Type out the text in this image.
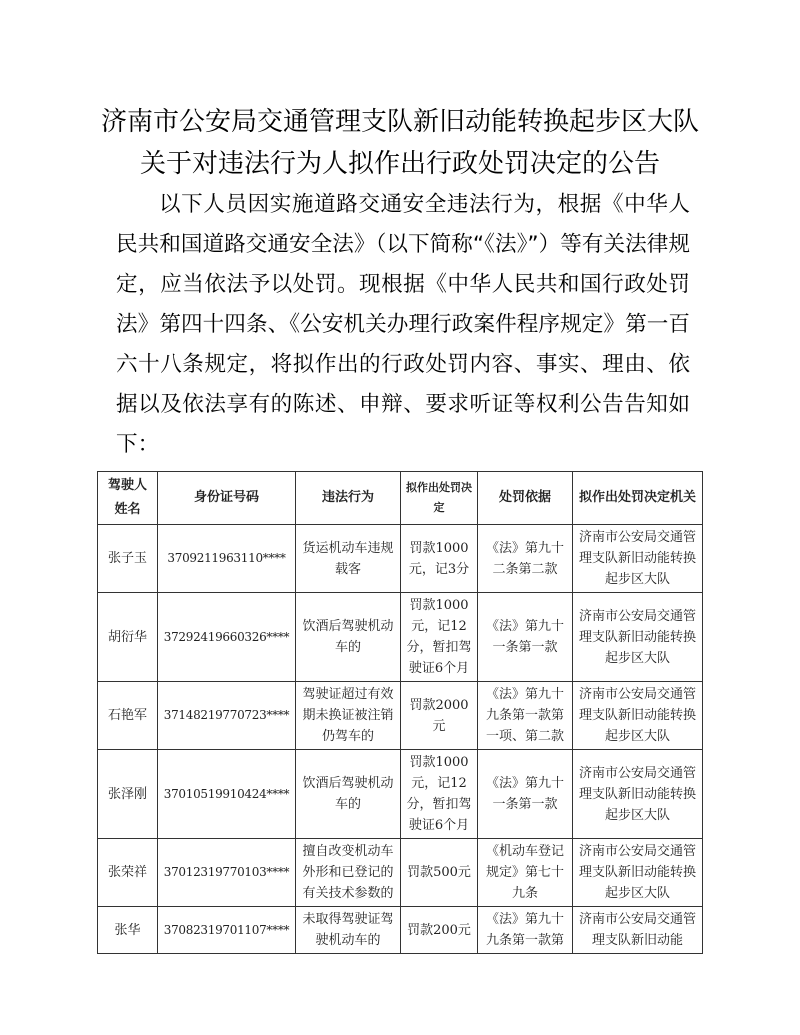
济南市公安局交通管理支队新旧动能转换起步区大队
关于对违法行为人拟作出行政处罚决定的公告
以下人员因实施道路交通安全违法行为，根据《中华人民共和国道路交通安全法》（以下简称“《法》”）等有关法律规定，应当依法予以处罚。现根据《中华人民共和国行政处罚法》第四十四条、《公安机关办理行政案件程序规定》第一百六十八条规定，将拟作出的行政处罚内容、事实、理由、依据以及依法享有的陈述、申辩、要求听证等权利公告告知如下：
驾驶人姓名	身份证号码	违法行为	拟作出处罚决定	处罚依据	拟作出处罚决定机关
张子玉	3709211963110****	货运机动车违规载客	罚款1000元，记3分	《法》第九十二条第二款	济南市公安局交通管理支队新旧动能转换起步区大队
胡衍华	37292419660326****	饮酒后驾驶机动车的	罚款1000元，记12分，暂扣驾驶证6个月	《法》第九十一条第一款	济南市公安局交通管理支队新旧动能转换起步区大队
石艳军	37148219770723****	驾驶证超过有效期未换证被注销仍驾车的	罚款2000元	《法》第九十九条第一款第一项、第二款	济南市公安局交通管理支队新旧动能转换起步区大队
张泽刚	37010519910424****	饮酒后驾驶机动车的	罚款1000元，记12分，暂扣驾驶证6个月	《法》第九十一条第一款	济南市公安局交通管理支队新旧动能转换起步区大队
张荣祥	37012319770103****	擅自改变机动车外形和已登记的有关技术参数的	罚款500元	《机动车登记规定》第七十九条	济南市公安局交通管理支队新旧动能转换起步区大队
张华	37082319701107****	未取得驾驶证驾驶机动车的	罚款200元	《法》第九十九条第一款第	济南市公安局交通管理支队新旧动能
